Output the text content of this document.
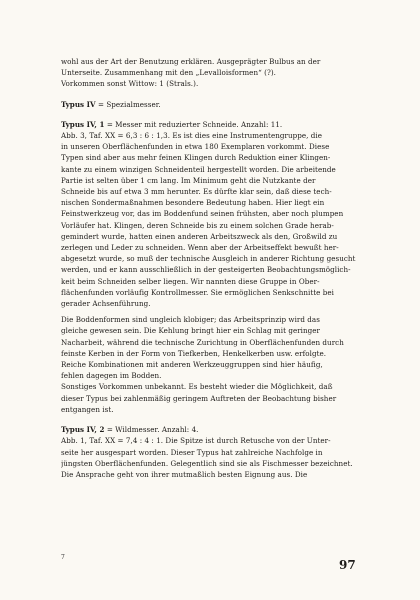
wohl aus der Art der Benutzung erklären. Ausgeprägter Bulbus an der
Unterseite. Zusammenhang mit den „Levalloisformen“ (?).
Vorkommen sonst Wittow: 1 (Strals.).

Typus IV = Spezialmesser.

Typus IV, 1 = Messer mit reduzierter Schneide. Anzahl: 11.

Abb. 3, Taf. XX = 6,3 : 6 : 1,3. Es ist dies eine Instrumentengruppe, die
in unseren Oberflächenfunden in etwa 180 Exemplaren vorkommt. Diese
Typen sind aber aus mehr feinen Klingen durch Reduktion einer Klingen-
kante zu einem winzigen Schneidenteil hergestellt worden. Die arbeitende
Partie ist selten über 1 cm lang. Im Minimum geht die Nutzkante der
Schneide bis auf etwa 3 mm herunter. Es dürfte klar sein, daß diese tech-
nischen Sondermaßnahmen besondere Bedeutung haben. Hier liegt ein
Feinstwerkzeug vor, das im Boddenfund seinen frühsten, aber noch plumpen
Vorläufer hat. Klingen, deren Schneide bis zu einem solchen Grade herab-
gemindert wurde, hatten einen anderen Arbeitszweck als den, Großwild zu
zerlegen und Leder zu schneiden. Wenn aber der Arbeitseffekt bewußt her-
abgesetzt wurde, so muß der technische Ausgleich in anderer Richtung gesucht
werden, und er kann ausschließlich in der gesteigerten Beobachtungsmöglich-
keit beim Schneiden selber liegen. Wir nannten diese Gruppe in Ober-
flächenfunden vorläufig Kontrollmesser. Sie ermöglichen Senkschnitte bei
gerader Achsenführung.
Die Boddenformen sind ungleich klobiger; das Arbeitsprinzip wird das
gleiche gewesen sein. Die Kehlung bringt hier ein Schlag mit geringer
Nacharbeit, während die technische Zurichtung in Oberflächenfunden durch
feinste Kerben in der Form von Tiefkerben, Henkelkerben usw. erfolgte.
Reiche Kombinationen mit anderen Werkzeuggruppen sind hier häufig,
fehlen dagegen im Bodden.
Sonstiges Vorkommen unbekannt. Es besteht wieder die Möglichkeit, daß
dieser Typus bei zahlenmäßig geringem Auftreten der Beobachtung bisher
entgangen ist.

Typus IV, 2 = Wildmesser. Anzahl: 4.

Abb. 1, Taf. XX = 7,4 : 4 : 1. Die Spitze ist durch Retusche von der Unter-
seite her ausgespart worden. Dieser Typus hat zahlreiche Nachfolge in
jüngsten Oberflächenfunden. Gelegentlich sind sie als Fischmesser bezeichnet.
Die Ansprache geht von ihrer mutmaßlich besten Eignung aus. Die
7
97
